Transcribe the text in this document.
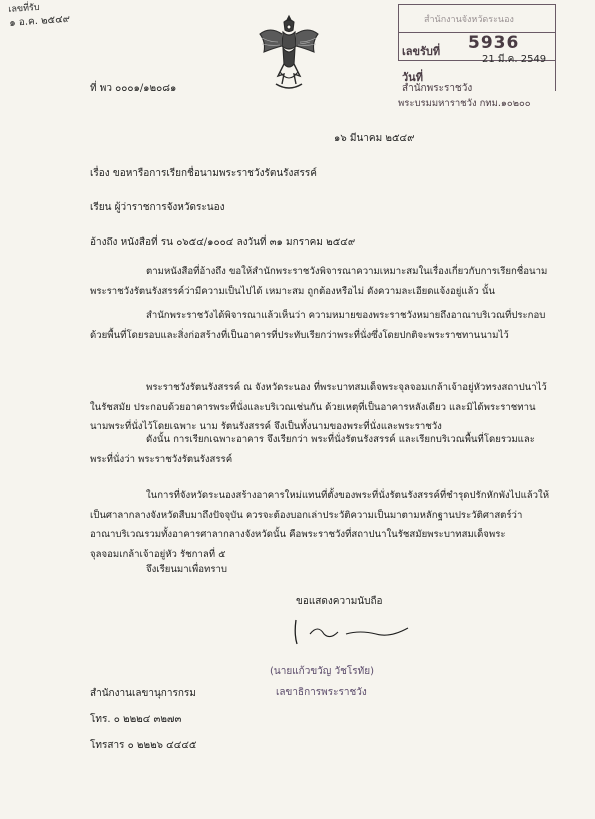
เลขที่รับ
๑ อ.ค. ๒๕๔๙	สำนักงานจังหวัดระนอง
เลขรับที่ 5936
วันที่
21 มี.ค. 2549
สำนักพระราชวัง
พระบรมมหาราชวัง กทม.๑๐๒๐๐
ที่ พว ๐๐๐๑/๑๒๐๘๑
๑๖ มีนาคม ๒๕๔๙
เรื่อง ขอหารือการเรียกชื่อนามพระราชวังรัตนรังสรรค์
เรียน ผู้ว่าราชการจังหวัดระนอง
อ้างถึง หนังสือที่ รน ๐๖๕๔/๑๐๐๔ ลงวันที่ ๓๑ มกราคม ๒๕๔๙
ตามหนังสือที่อ้างถึง ขอให้สำนักพระราชวังพิจารณาความเหมาะสมในเรื่องเกี่ยวกับการเรียกชื่อนามพระราชวังรัตนรังสรรค์ว่ามีความเป็นไปได้ เหมาะสม ถูกต้องหรือไม่ ดังความละเอียดแจ้งอยู่แล้ว นั้น
สำนักพระราชวังได้พิจารณาแล้วเห็นว่า ความหมายของพระราชวังหมายถึงอาณาบริเวณที่ประกอบด้วยพื้นที่โดยรอบและสิ่งก่อสร้างที่เป็นอาคารที่ประทับเรียกว่าพระที่นั่งซึ่งโดยปกติจะพระราชทานนามไว้
พระราชวังรัตนรังสรรค์ ณ จังหวัดระนอง ที่พระบาทสมเด็จพระจุลจอมเกล้าเจ้าอยู่หัวทรงสถาปนาไว้ในรัชสมัย ประกอบด้วยอาคารพระที่นั่งและบริเวณเช่นกัน ด้วยเหตุที่เป็นอาคารหลังเดียว และมิได้พระราชทานนามพระที่นั่งไว้โดยเฉพาะ นาม รัตนรังสรรค์ จึงเป็นทั้งนามของพระที่นั่งและพระราชวัง
ดังนั้น การเรียกเฉพาะอาคาร จึงเรียกว่า พระที่นั่งรัตนรังสรรค์ และเรียกบริเวณพื้นที่โดยรวมและพระที่นั่งว่า พระราชวังรัตนรังสรรค์
ในการที่จังหวัดระนองสร้างอาคารใหม่แทนที่ตั้งของพระที่นั่งรัตนรังสรรค์ที่ชำรุดปรักหักพังไปแล้วให้เป็นศาลากลางจังหวัดสืบมาถึงปัจจุบัน ควรจะต้องบอกเล่าประวัติความเป็นมาตามหลักฐานประวัติศาสตร์ว่า อาณาบริเวณรวมทั้งอาคารศาลากลางจังหวัดนั้น คือพระราชวังที่สถาปนาในรัชสมัยพระบาทสมเด็จพระจุลจอมเกล้าเจ้าอยู่หัว รัชกาลที่ ๕
จึงเรียนมาเพื่อทราบ
ขอแสดงความนับถือ
(นายแก้วขวัญ วัชโรทัย)
เลขาธิการพระราชวัง
สำนักงานเลขานุการกรม
โทร. ๐ ๒๒๒๔ ๓๒๗๓
โทรสาร ๐ ๒๒๒๖ ๔๔๔๕
